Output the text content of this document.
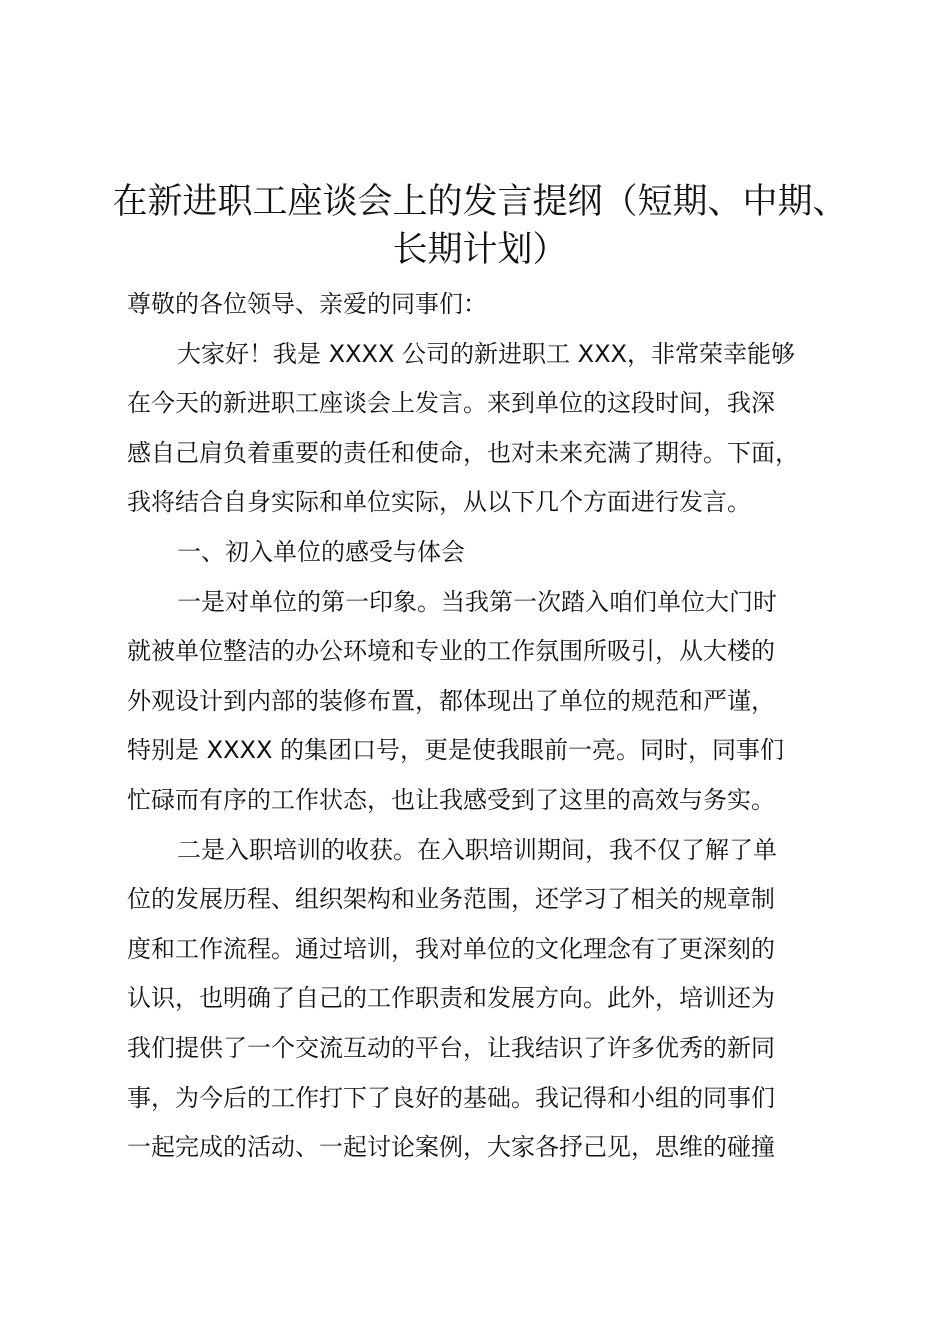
在新进职工座谈会上的发言提纲（短期、中期、
长期计划）
尊敬的各位领导、亲爱的同事们：
大家好！我是 XXXX 公司的新进职工 XXX，非常荣幸能够
在今天的新进职工座谈会上发言。来到单位的这段时间，我深
感自己肩负着重要的责任和使命，也对未来充满了期待。下面，
我将结合自身实际和单位实际，从以下几个方面进行发言。
一、初入单位的感受与体会
一是对单位的第一印象。当我第一次踏入咱们单位大门时
就被单位整洁的办公环境和专业的工作氛围所吸引，从大楼的
外观设计到内部的装修布置，都体现出了单位的规范和严谨，
特别是 XXXX 的集团口号，更是使我眼前一亮。同时，同事们
忙碌而有序的工作状态，也让我感受到了这里的高效与务实。
二是入职培训的收获。在入职培训期间，我不仅了解了单
位的发展历程、组织架构和业务范围，还学习了相关的规章制
度和工作流程。通过培训，我对单位的文化理念有了更深刻的
认识，也明确了自己的工作职责和发展方向。此外，培训还为
我们提供了一个交流互动的平台，让我结识了许多优秀的新同
事，为今后的工作打下了良好的基础。我记得和小组的同事们
一起完成的活动、一起讨论案例，大家各抒己见，思维的碰撞
